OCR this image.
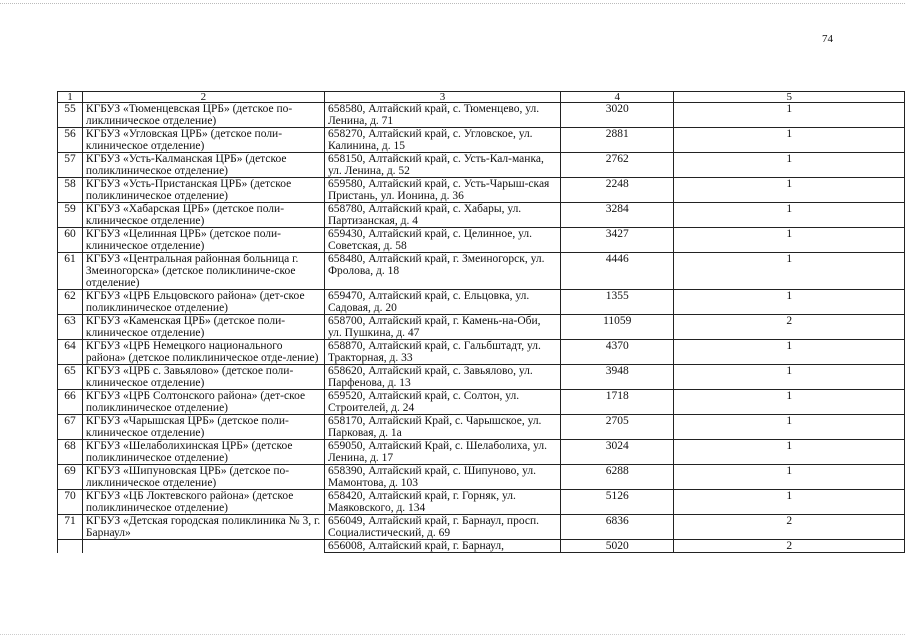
74
1	2	3	4	5
55	КГБУЗ «Тюменцевская ЦРБ» (детское по-ликлиническое отделение)	658580, Алтайский край, с. Тюменцево, ул. Ленина, д. 71	3020	1
56	КГБУЗ «Угловская ЦРБ» (детское поли-клиническое отделение)	658270, Алтайский край, с. Угловское, ул. Калинина, д. 15	2881	1
57	КГБУЗ «Усть-Калманская ЦРБ» (детское поликлиническое отделение)	658150, Алтайский край, с. Усть-Кал-манка, ул. Ленина, д. 52	2762	1
58	КГБУЗ «Усть-Пристанская ЦРБ» (детское поликлиническое отделение)	659580, Алтайский край, с. Усть-Чарыш-ская Пристань, ул. Ионина, д. 36	2248	1
59	КГБУЗ «Хабарская ЦРБ» (детское поли-клиническое отделение)	658780, Алтайский край, с. Хабары, ул. Партизанская, д. 4	3284	1
60	КГБУЗ «Целинная ЦРБ» (детское поли-клиническое отделение)	659430, Алтайский край, с. Целинное, ул. Советская, д. 58	3427	1
61	КГБУЗ «Центральная районная больница г. Змеиногорска» (детское поликлиниче-ское отделение)	658480, Алтайский край, г. Змеиногорск, ул. Фролова, д. 18	4446	1
62	КГБУЗ «ЦРБ Ельцовского района» (дет-ское поликлиническое отделение)	659470, Алтайский край, с. Ельцовка, ул. Садовая, д. 20	1355	1
63	КГБУЗ «Каменская ЦРБ» (детское поли-клиническое отделение)	658700, Алтайский край, г. Камень-на-Оби, ул. Пушкина, д. 47	11059	2
64	КГБУЗ «ЦРБ Немецкого национального района» (детское поликлиническое отде-ление)	658870, Алтайский край, с. Гальбштадт, ул. Тракторная, д. 33	4370	1
65	КГБУЗ «ЦРБ с. Завьялово» (детское поли-клиническое отделение)	658620, Алтайский край, с. Завьялово, ул. Парфенова, д. 13	3948	1
66	КГБУЗ «ЦРБ Солтонского района» (дет-ское поликлиническое отделение)	659520, Алтайский край, с. Солтон, ул. Строителей, д. 24	1718	1
67	КГБУЗ «Чарышская ЦРБ» (детское поли-клиническое отделение)	658170, Алтайский Край, с. Чарышское, ул. Парковая, д. 1а	2705	1
68	КГБУЗ «Шелаболихинская ЦРБ» (детское поликлиническое отделение)	659050, Алтайский Край, с. Шелаболиха, ул. Ленина, д. 17	3024	1
69	КГБУЗ «Шипуновская ЦРБ» (детское по-ликлиническое отделение)	658390, Алтайский край, с. Шипуново, ул. Мамонтова, д. 103	6288	1
70	КГБУЗ «ЦБ Локтевского района» (детское поликлиническое отделение)	658420, Алтайский край, г. Горняк, ул. Маяковского, д. 134	5126	1
71	КГБУЗ «Детская городская поликлиника № 3, г. Барнаул»	656049, Алтайский край, г. Барнаул, просп. Социалистический, д. 69	6836	2
		656008, Алтайский край, г. Барнаул,	5020	2
